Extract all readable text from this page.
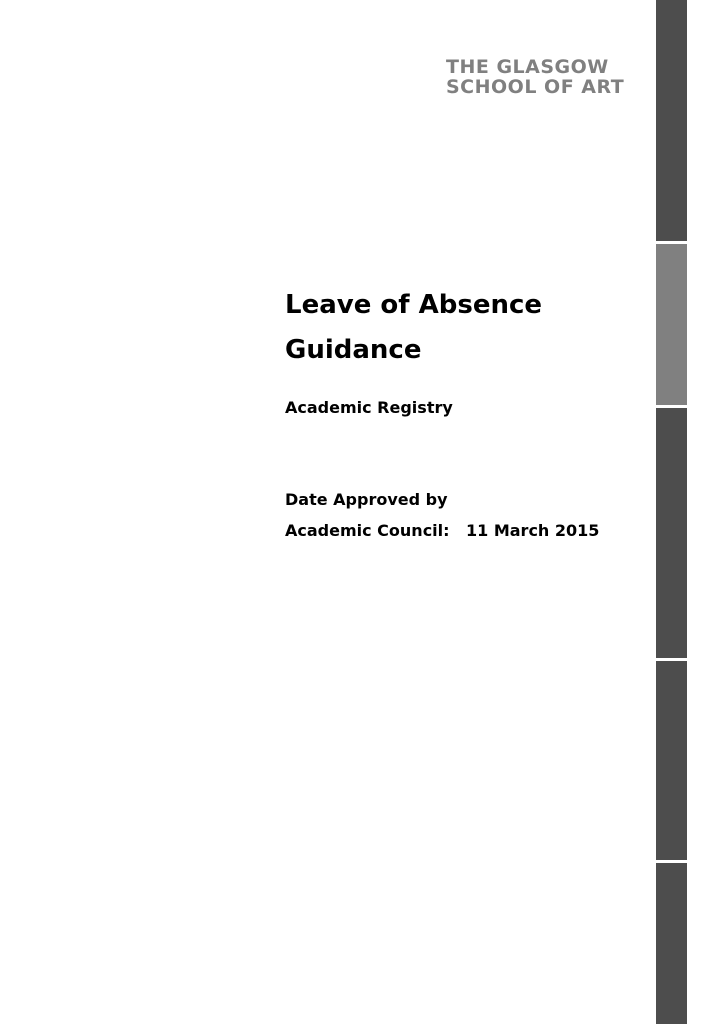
THE GLASGOW
SCHOOL OF ART
Leave of Absence
Guidance
Academic Registry
Date Approved by
Academic Council: 11 March 2015
